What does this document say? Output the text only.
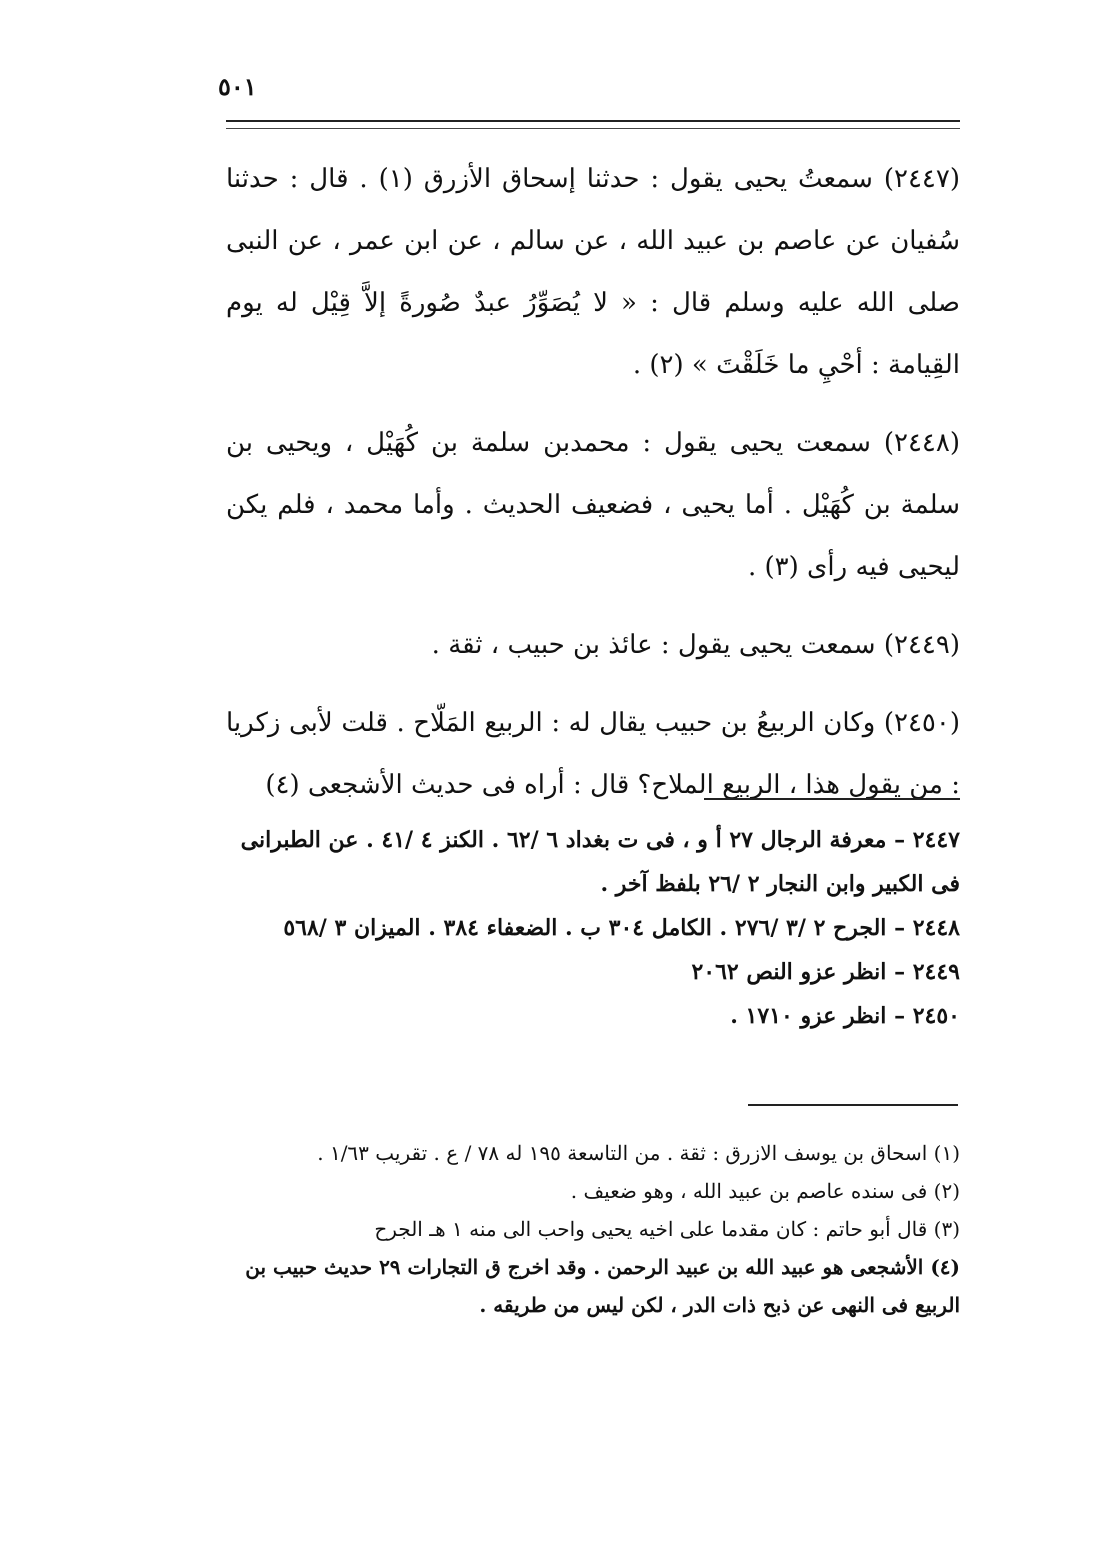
٥٠١

(٢٤٤٧) سمعتُ يحيى يقول : حدثنا إسحاق الأزرق (١) . قال : حدثنا سُفيان عن عاصم بن عبيد الله ، عن سالم ، عن ابن عمر ، عن النبى صلى الله عليه وسلم قال : « لا يُصَوِّرُ عبدٌ صُورةً إلاَّ قِيْل له يوم القِيامة : أحْيِ ما خَلَقْتَ » (٢) .

(٢٤٤٨) سمعت يحيى يقول : محمدبن سلمة بن كُهَيْل ، ويحيى بن سلمة بن كُهَيْل . أما يحيى ، فضعيف الحديث . وأما محمد ، فلم يكن ليحيى فيه رأى (٣) .

(٢٤٤٩) سمعت يحيى يقول : عائذ بن حبيب ، ثقة .

(٢٤٥٠) وكان الربيعُ بن حبيب يقال له : الربيع المَلّاح . قلت لأبى زكريا : من يقول هذا ، الربيع الملاح؟ قال : أراه فى حديث الأشجعى (٤)

٢٤٤٧ – معرفة الرجال ٢٧ أ و ، فى ت بغداد ٦ /٦٢ . الكنز ٤ /٤١ . عن الطبرانى فى الكبير وابن النجار ٢ /٢٦ بلفظ آخر .

٢٤٤٨ – الجرح ٢ /٣ /٢٧٦ . الكامل ٣٠٤ ب . الضعفاء ٣٨٤ . الميزان ٣ /٥٦٨

٢٤٤٩ – انظر عزو النص ٢٠٦٢

٢٤٥٠ – انظر عزو ١٧١٠ .

(١) اسحاق بن يوسف الازرق : ثقة . من التاسعة ١٩٥ له ٧٨ / ع . تقريب ١/٦٣ .

(٢) فى سنده عاصم بن عبيد الله ، وهو ضعيف .

(٣) قال أبو حاتم : كان مقدما على اخيه يحيى واحب الى منه ١ هـ الجرح

(٤) الأشجعى هو عبيد الله بن عبيد الرحمن . وقد اخرج ق التجارات ٢٩ حديث حبيب بن الربيع فى النهى عن ذبح ذات الدر ، لكن ليس من طريقه .
